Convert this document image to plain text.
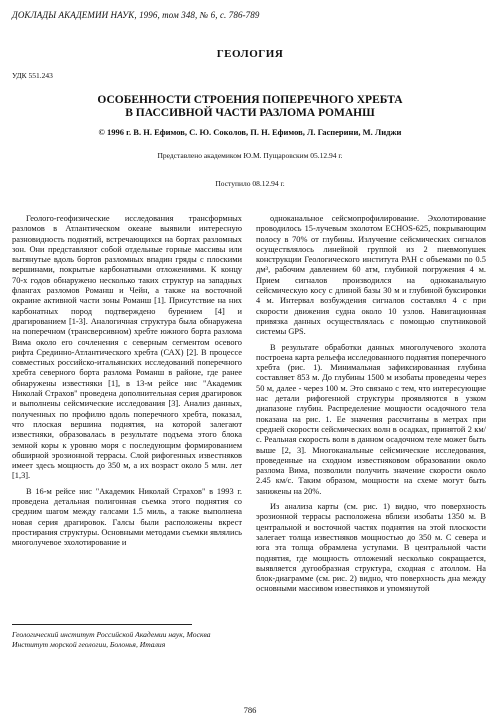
ДОКЛАДЫ АКАДЕМИИ НАУК, 1996, том 348, № 6, с. 786-789
ГЕОЛОГИЯ
УДК 551.243
ОСОБЕННОСТИ СТРОЕНИЯ ПОПЕРЕЧНОГО ХРЕБТА
В ПАССИВНОЙ ЧАСТИ РАЗЛОМА РОМАНШ
© 1996 г. В. Н. Ефимов, С. Ю. Соколов, П. Н. Ефимов, Л. Гасперини, М. Лиджи
Представлено академиком Ю.М. Пущаровским 05.12.94 г.
Поступило 08.12.94 г.

Геолого-геофизические исследования трансформных разломов в Атлантическом океане выявили интересную разновидность поднятий, встречающихся на бортах разломных зон. Они представляют собой отдельные горные массивы или вытянутые вдоль бортов разломных впадин гряды с плоскими вершинами, покрытые карбонатными отложениями. К концу 70-х годов обнаружено несколько таких структур на западных флангах разломов Романш и Чейн, а также на восточной окраине активной части зоны Романш [1]. Присутствие на них карбонатных пород подтверждено бурением [4] и драгированием [1-3]. Аналогичная структура была обнаружена на поперечном (трансверсивном) хребте южного борта разлома Вима около его сочленения с северным сегментом осевого рифта Срединно-Атлантического хребта (САХ) [2]. В процессе совместных российско-итальянских исследований поперечного хребта северного борта разлома Романш в районе, где ранее обнаружены известняки [1], в 13-м рейсе нис "Академик Николай Страхов" проведена дополнительная серия драгировок и выполнены сейсмические исследования [3]. Анализ данных, полученных по профилю вдоль поперечного хребта, показал, что плоская вершина поднятия, на которой залегают известняки, образовалась в результате подъема этого блока земной коры к уровню моря с последующим формированием обширной эрозионной террасы. Слой рифогенных известняков имеет здесь мощность до 350 м, а их возраст около 5 млн. лет [1,3].

В 16-м рейсе нис "Академик Николай Страхов" в 1993 г. проведена детальная полигонная съемка этого поднятия со средним шагом между галсами 1.5 миль, а также выполнена новая серия драгировок. Галсы были расположены вкрест простирания структуры. Основными методами съемки являлись многолучевое эхолотирование и

одноканальное сейсмопрофилирование. Эхолотирование проводилось 15-лучевым эхолотом ECHOS-625, покрывающим полосу в 70% от глубины. Излучение сейсмических сигналов осуществлялось линейной группой из 2 пневмопушек конструкции Геологического института РАН с объемами по 0.5 дм³, рабочим давлением 60 атм, глубиной погружения 4 м. Прием сигналов производился на одноканальную сейсмическую косу с длиной базы 30 м и глубиной буксировки 4 м. Интервал возбуждения сигналов составлял 4 с при скорости движения судна около 10 узлов. Навигационная привязка данных осуществлялась с помощью спутниковой системы GPS.

В результате обработки данных многолучевого эхолота построена карта рельефа исследованного поднятия поперечного хребта (рис. 1). Минимальная зафиксированная глубина составляет 853 м. До глубины 1500 м изобаты проведены через 50 м, далее - через 100 м. Это связано с тем, что интересующие нас детали рифогенной структуры проявляются в узком диапазоне глубин. Распределение мощности осадочного тела показана на рис. 1. Ее значения рассчитаны в метрах при средней скорости сейсмических волн в осадках, принятой 2 км/с. Реальная скорость волн в данном осадочном теле может быть выше [2, 3]. Многоканальные сейсмические исследования, проведенные на сходном известняковом образовании около разлома Вима, позволили получить значение скорости около 2.45 км/с. Таким образом, мощности на схеме могут быть занижены на 20%.

Из анализа карты (см. рис. 1) видно, что поверхность эрозионной террасы расположена вблизи изобаты 1350 м. В центральной и восточной частях поднятия на этой плоскости залегает толща известняков мощностью до 350 м. С севера и юга эта толща обрамлена уступами. В центральной части поднятия, где мощность отложений несколько сокращается, выявляется дугообразная структура, сходная с атоллом. На блок-диаграмме (см. рис. 2) видно, что поверхность дна между основными массивом известняков и упомянутой

Геологический институт Российской Академии наук, Москва Институт морской геологии, Болонья, Италия
786
